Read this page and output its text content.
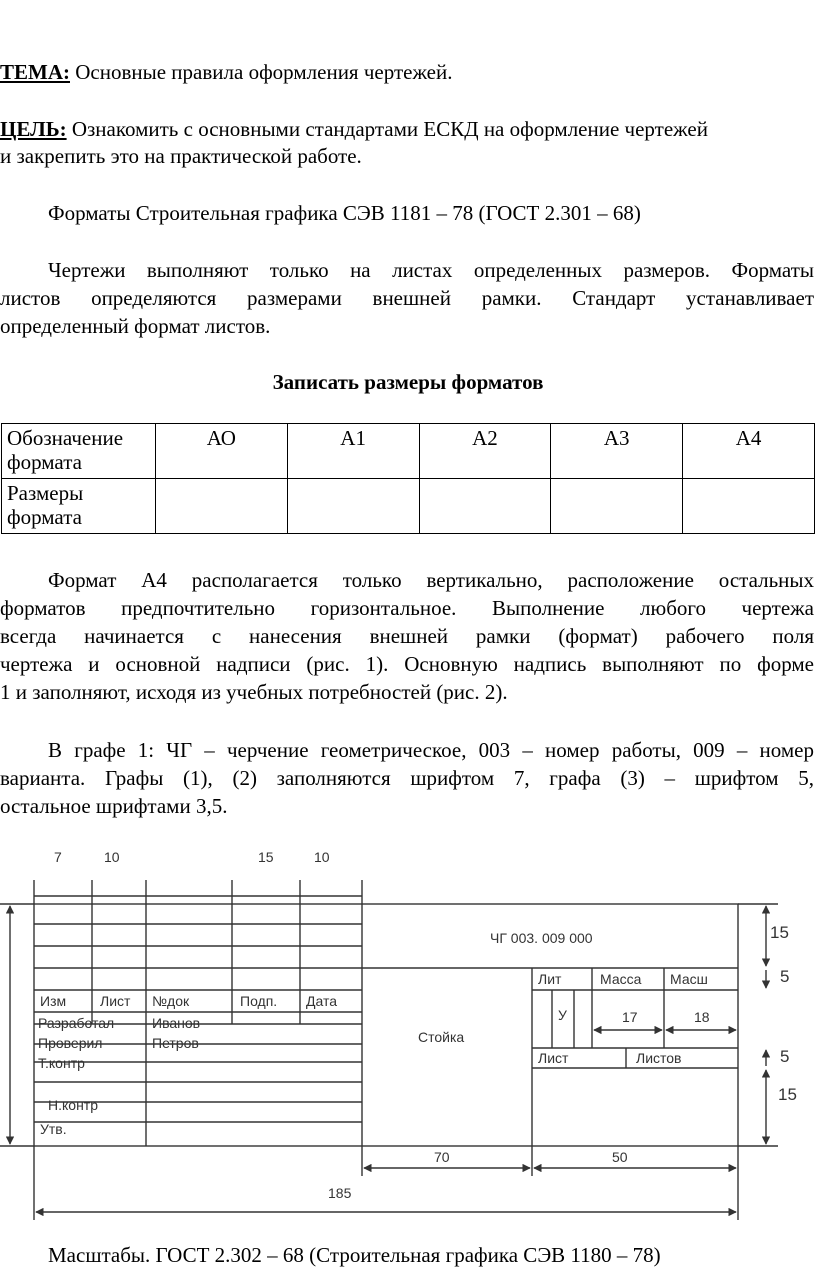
ТЕМА: Основные правила оформления чертежей.
ЦЕЛЬ: Ознакомить с основными стандартами ЕСКД на оформление чертежей
и закрепить это на практической работе.
Форматы Строительная графика СЭВ 1181 – 78 (ГОСТ 2.301 – 68)
Чертежи выполняют только на листах определенных размеров. Форматы
листов определяются размерами внешней рамки. Стандарт устанавливает
определенный формат листов.
Записать размеры форматов
Обозначение формата	АО	А1	А2	А3	А4
Размеры формата					
Формат А4 располагается только вертикально, расположение остальных
форматов предпочтительно горизонтальное. Выполнение любого чертежа
всегда начинается с нанесения внешней рамки (формат) рабочего поля
чертежа и основной надписи (рис. 1). Основную надпись выполняют по форме
1 и заполняют, исходя из учебных потребностей (рис. 2).
В графе 1: ЧГ – черчение геометрическое, 003 – номер работы, 009 – номер
варианта. Графы (1), (2) заполняются шрифтом 7, графа (3) – шрифтом 5,
остальное шрифтами 3,5.
7	10	15	10
ЧГ 003. 009 000
Стойка
Изм Лист №док	Подп. Дата
Разработал
Проверил
Т.контр
Н.контр
Утв.
Иванов
Петров
Лит	Масса Масш
У
Лист	Листов
17	18
15
5
5
15
70	50
185
Масштабы. ГОСТ 2.302 – 68 (Строительная графика СЭВ 1180 – 78)
